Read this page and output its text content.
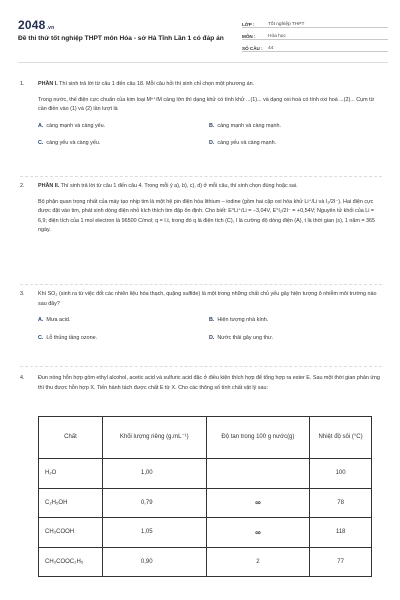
2048.vn
Đề thi thử tốt nghiệp THPT môn Hóa - sở Hà Tĩnh Lần 1 có đáp án
LỚP :	Tốt nghiệp THPT
MÔN :	Hóa học
SỐ CÂU :	44
1.	PHẦN I. Thí sinh trả lời từ câu 1 đến câu 18. Mỗi câu hỏi thí sinh chỉ chọn một phương án.
Trong nước, thế điện cực chuẩn của kim loại Mⁿ⁺/M càng lớn thì dạng khử có tính khử ...(1)... và dạng oxi hoá có tính oxi hoá ...(2)... Cụm từ cần điền vào (1) và (2) lần lượt là
A. càng mạnh và càng yếu.	B. càng mạnh và càng mạnh.
C. càng yếu và càng yếu.	D. càng yếu và càng mạnh.
2.	PHẦN II. Thí sinh trả lời từ câu 1 đến câu 4. Trong mỗi ý a), b), c), d) ở mỗi câu, thí sinh chọn đúng hoặc sai.
Bộ phận quan trọng nhất của máy tạo nhịp tim là một hệ pin điện hóa lithium – iodine (gồm hai cặp oxi hóa khử Li⁺/Li và I₂/2I⁻). Hai điện cực được đặt vào tim, phát sinh dòng điện nhỏ kích thích tim đập ổn định. Cho biết: E°Li⁺/Li = −3,04V, E°I₂/2I⁻ = +0,54V; Nguyên tử khối của Li = 6,9; điện tích của 1 mol electron là 96500 C/mol; q = I.t, trong đó q là điện tích (C), I là cường độ dòng điện (A), t là thời gian (s), 1 năm = 365 ngày.
3.	Khí SO₂ (sinh ra từ việc đốt các nhiên liệu hóa thạch, quặng sulfide) là một trong những chất chủ yếu gây hiện tượng ô nhiễm môi trường nào sau đây?
A. Mưa acid.	B. Hiện tượng nhà kính.
C. Lỗ thủng tầng ozone.	D. Nước thải gây ung thư.
4.	Đun nóng hỗn hợp gồm ethyl alcohol, acetic acid và sulfuric acid đặc ở điều kiện thích hợp để tổng hợp ra ester E. Sau một thời gian phản ứng thì thu được hỗn hợp X. Tiến hành tách được chất E từ X. Cho các thông số tính chất vật lý sau:
Chất	Khối lượng riêng (g.mL⁻¹)	Độ tan trong 100 g nước(g)	Nhiệt độ sôi (°C)
H₂O	1,00		100
C₂H₅OH	0,79	∞	78
CH₃COOH	1,05	∞	118
CH₃COOC₂H₅	0,90	2	77
